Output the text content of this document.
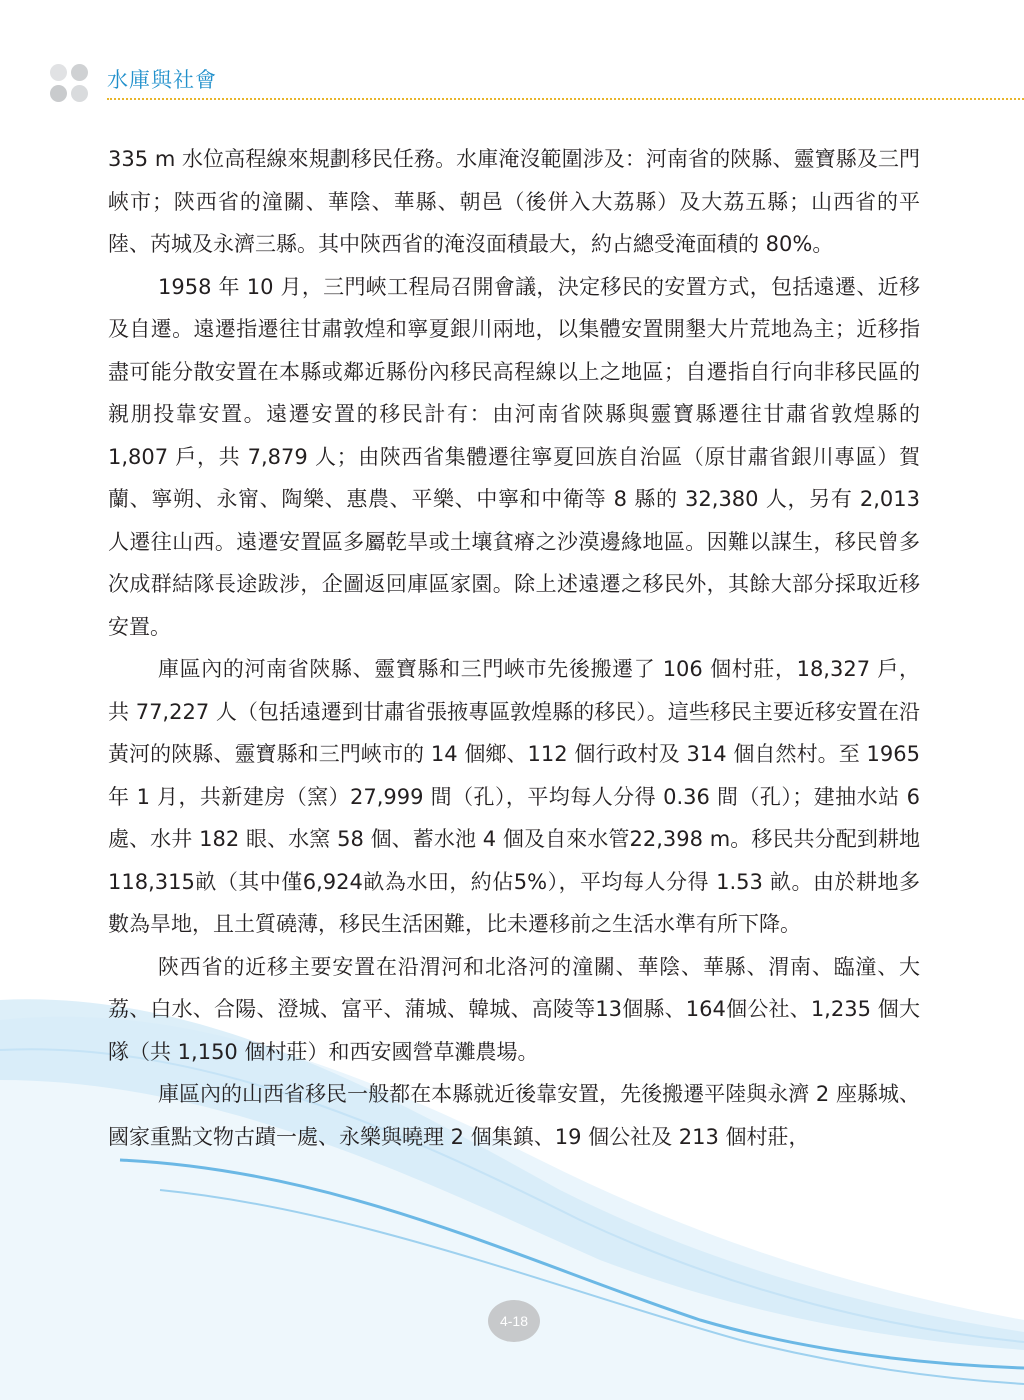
水庫與社會

335 m 水位高程線來規劃移民任務。水庫淹沒範圍涉及：河南省的陝縣、靈寶縣及三門峽市；陝西省的潼關、華陰、華縣、朝邑（後併入大荔縣）及大荔五縣；山西省的平陸、芮城及永濟三縣。其中陝西省的淹沒面積最大，約占總受淹面積的 80%。

1958 年 10 月，三門峽工程局召開會議，決定移民的安置方式，包括遠遷、近移及自遷。遠遷指遷往甘肅敦煌和寧夏銀川兩地，以集體安置開墾大片荒地為主；近移指盡可能分散安置在本縣或鄰近縣份內移民高程線以上之地區；自遷指自行向非移民區的親朋投靠安置。遠遷安置的移民計有：由河南省陝縣與靈寶縣遷往甘肅省敦煌縣的 1,807 戶，共 7,879 人；由陝西省集體遷往寧夏回族自治區（原甘肅省銀川專區）賀蘭、寧朔、永甯、陶樂、惠農、平樂、中寧和中衛等 8 縣的 32,380 人，另有 2,013 人遷往山西。遠遷安置區多屬乾旱或土壤貧瘠之沙漠邊緣地區。因難以謀生，移民曾多次成群結隊長途跋涉，企圖返回庫區家園。除上述遠遷之移民外，其餘大部分採取近移安置。

庫區內的河南省陝縣、靈寶縣和三門峽市先後搬遷了 106 個村莊，18,327 戶，共 77,227 人（包括遠遷到甘肅省張掖專區敦煌縣的移民）。這些移民主要近移安置在沿黃河的陝縣、靈寶縣和三門峽市的 14 個鄉、112 個行政村及 314 個自然村。至 1965 年 1 月，共新建房（窯）27,999 間（孔），平均每人分得 0.36 間（孔）；建抽水站 6 處、水井 182 眼、水窯 58 個、蓄水池 4 個及自來水管22,398 m。移民共分配到耕地118,315畝（其中僅6,924畝為水田，約佔5%），平均每人分得 1.53 畝。由於耕地多數為旱地，且土質磽薄，移民生活困難，比未遷移前之生活水準有所下降。

陝西省的近移主要安置在沿渭河和北洛河的潼關、華陰、華縣、渭南、臨潼、大荔、白水、合陽、澄城、富平、蒲城、韓城、高陵等13個縣、164個公社、1,235 個大隊（共 1,150 個村莊）和西安國營草灘農場。

庫區內的山西省移民一般都在本縣就近後靠安置，先後搬遷平陸與永濟 2 座縣城、國家重點文物古蹟一處、永樂與曉理 2 個集鎮、19 個公社及 213 個村莊，

4-18
